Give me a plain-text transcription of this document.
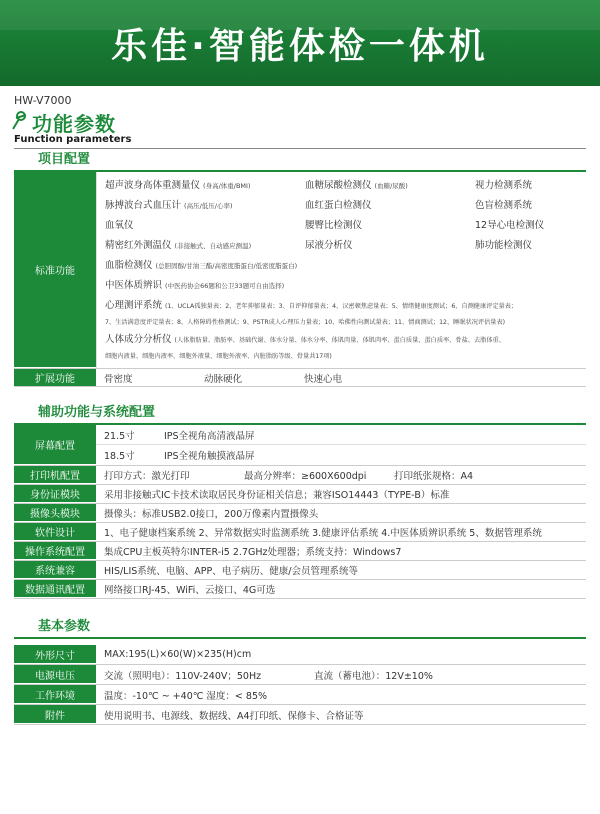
乐佳·智能体检一体机
HW-V7000
功能参数
Function parameters
项目配置
标准功能
超声波身高体重测量仪 (身高/体重/BMI)	血糖尿酸检测仪 (血糖/尿酸)	视力检测系统
脉搏波台式血压计 (高压/低压/心率)	血红蛋白检测仪	色盲检测系统
血氧仪	腰臀比检测仪	12导心电检测仪
精密红外测温仪 (非接触式、自动感应测温)	尿液分析仪	肺功能检测仪
血脂检测仪 (总胆固醇/甘油三酯/高密度脂蛋白/低密度脂蛋白)
中医体质辨识 (中医药协会66题和公卫33题可自由选择)
心理测评系统 (1、UCLA孤独量表；2、老年抑郁量表；3、自评抑郁量表；4、汉密顿焦虑量表；5、情绪健康度测试；6、自测健康评定量表；
7、生活满意度评定量表；8、人格障碍性格测试；9、PSTR成人心理压力量表；10、哈佛性向测试量表；11、情商测试；12、睡眠状况评估量表)
人体成分分析仪 (人体脂肪量、脂肪率、基础代谢、体水分量、体水分率、体肌肉量、体肌肉率、蛋白质量、蛋白质率、骨盐、去脂体重、
细胞内液量、细胞内液率、细胞外液量、细胞外液率、内脏脂肪等级、骨量共17项)
扩展功能	骨密度	动脉硬化	快速心电
辅助功能与系统配置
屏幕配置
21.5寸	IPS全视角高清液晶屏
18.5寸	IPS全视角触摸液晶屏
打印机配置	打印方式：激光打印	最高分辨率：≥600X600dpi	打印纸张规格：A4
身份证模块	采用非接触式IC卡技术读取居民身份证相关信息；兼容ISO14443（TYPE-B）标准
摄像头模块	摄像头：标准USB2.0接口，200万像素内置摄像头
软件设计	1、电子健康档案系统 2、异常数据实时监测系统 3.健康评估系统 4.中医体质辨识系统 5、数据管理系统
操作系统配置	集成CPU主板英特尔INTER-i5 2.7GHz处理器；系统支持：Windows7
系统兼容	HIS/LIS系统、电脑、APP、电子病历、健康/会员管理系统等
数据通讯配置	网络接口RJ-45、WiFi、云接口、4G可选
基本参数
外形尺寸	MAX:195(L)×60(W)×235(H)cm
电源电压	交流（照明电）：110V-240V；50Hz	直流（蓄电池）：12V±10%
工作环境	温度：-10℃ ~ +40℃ 湿度：< 85%
附件	使用说明书、电源线、数据线、A4打印纸、保修卡、合格证等
